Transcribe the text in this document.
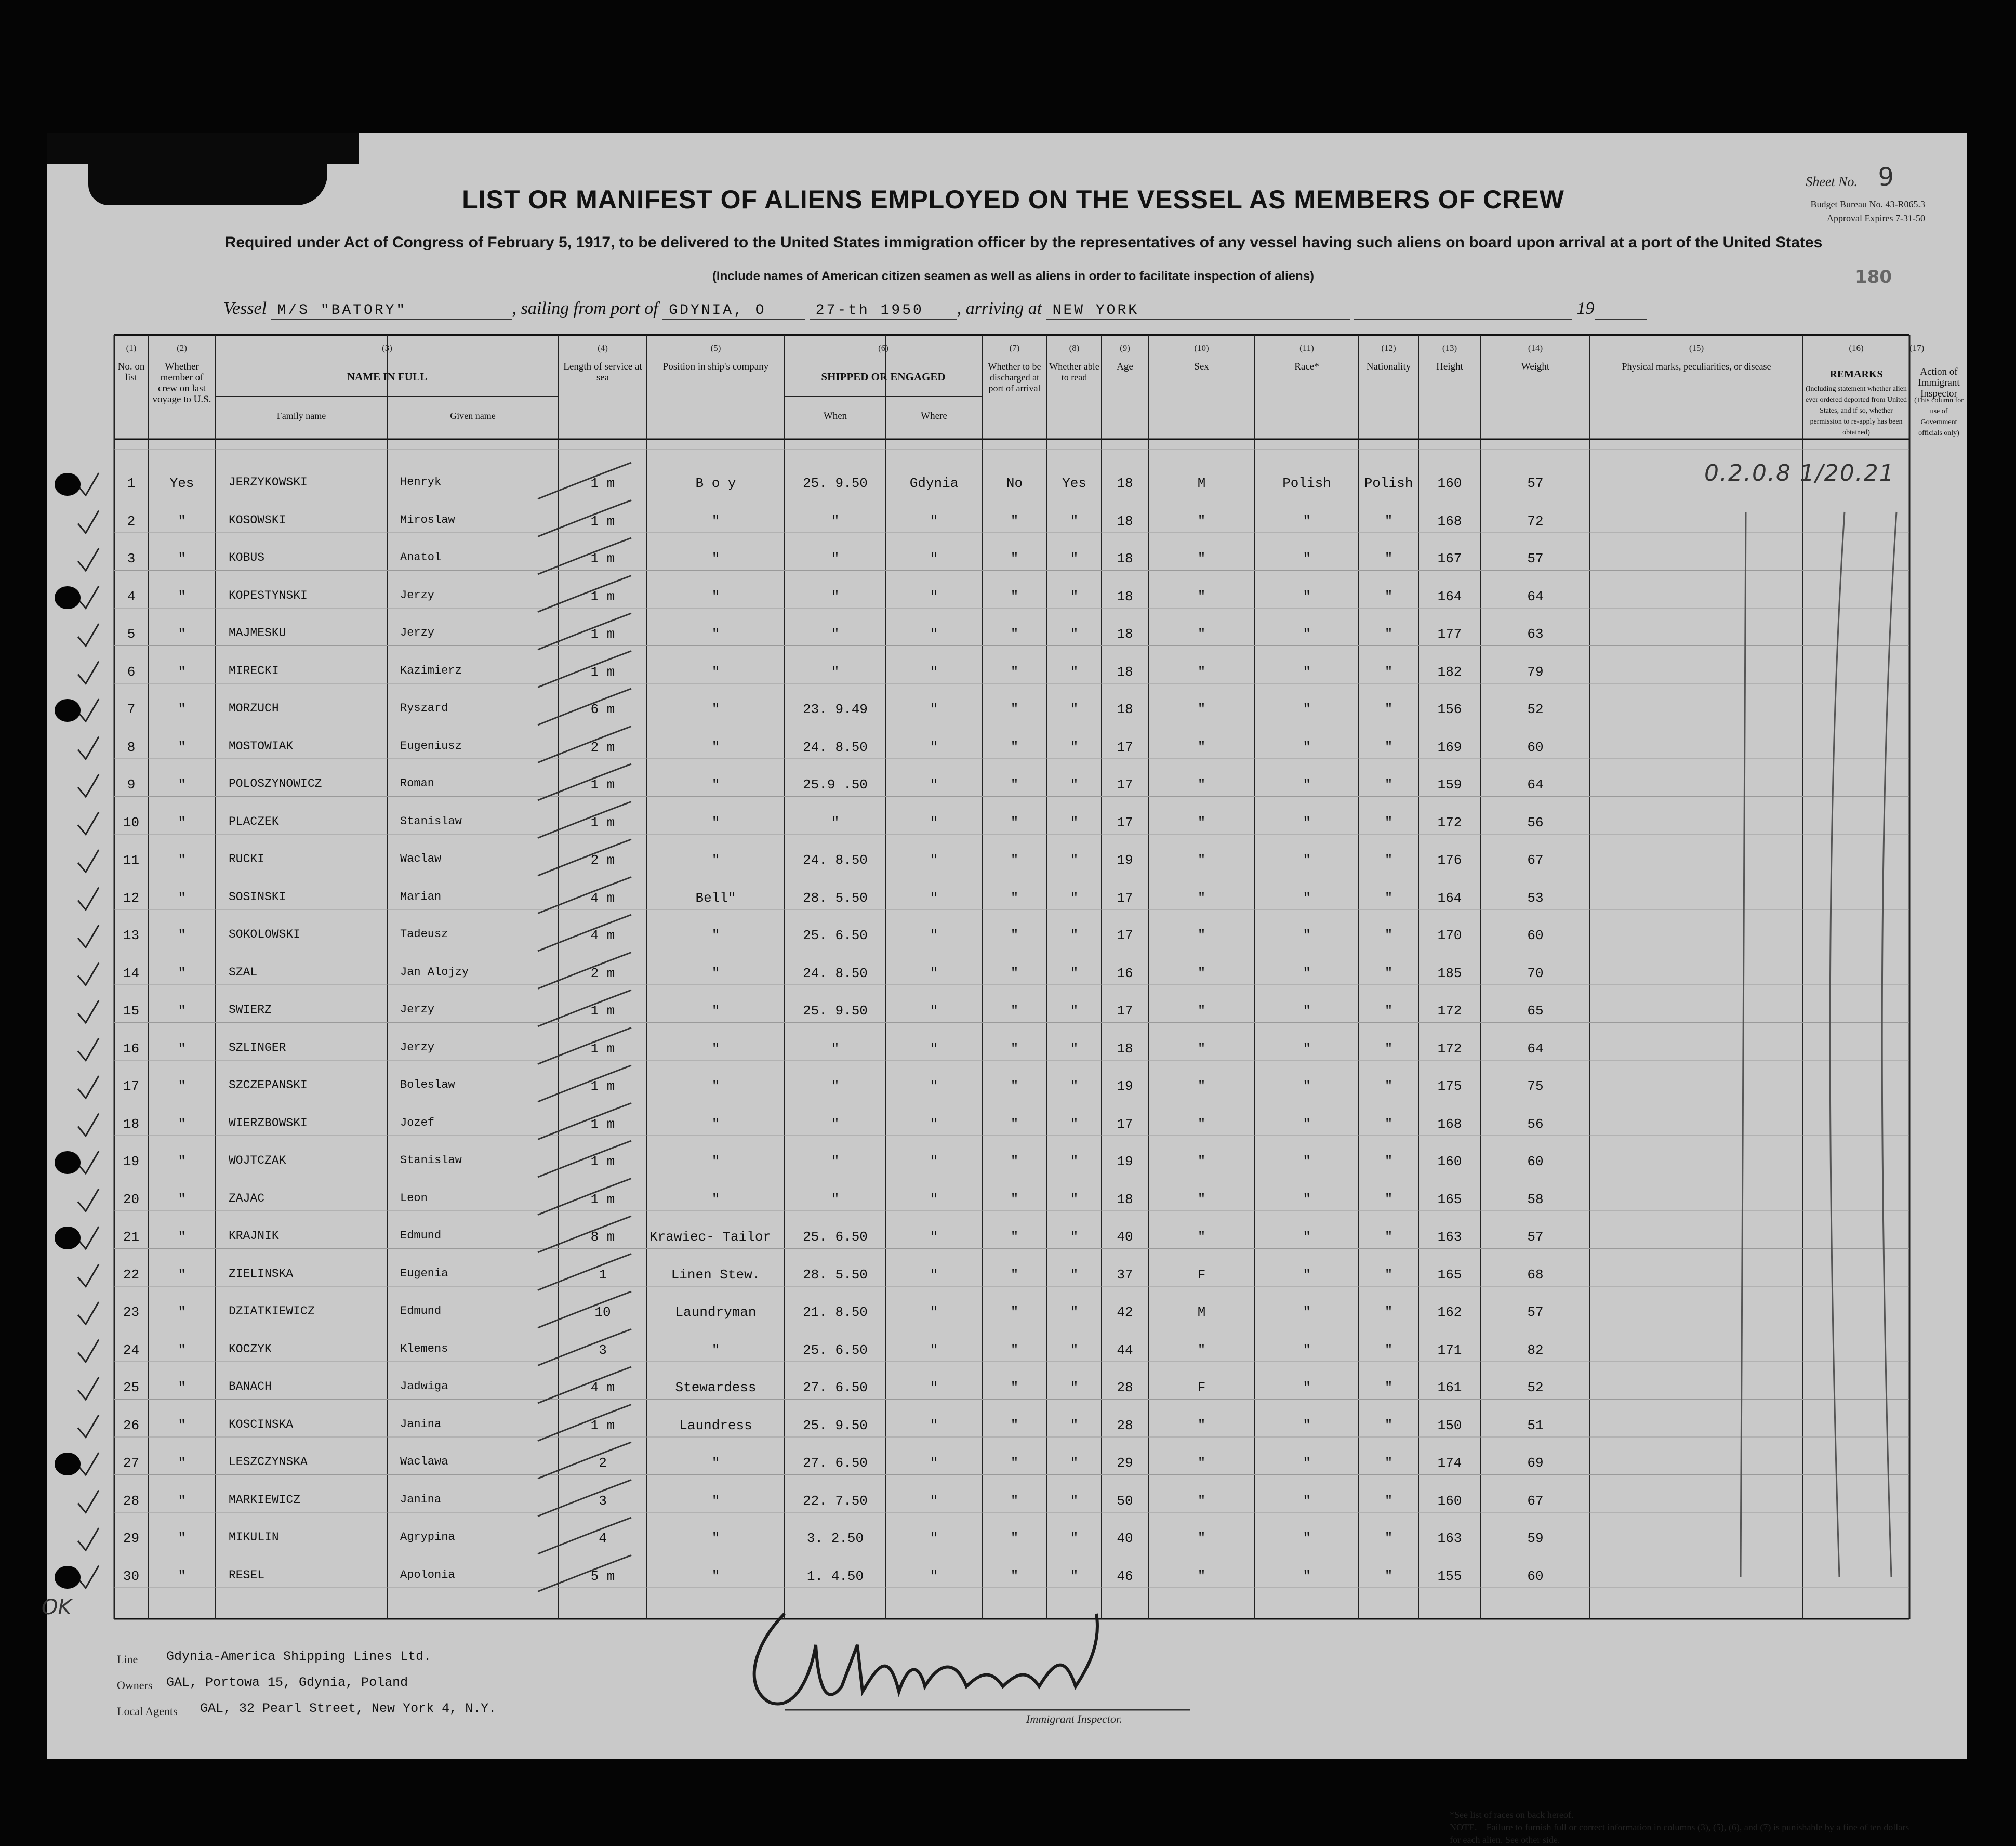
Sheet No. 9
Budget Bureau No. 43-R065.3
Approval Expires 7-31-50
180
LIST OR MANIFEST OF ALIENS EMPLOYED ON THE VESSEL AS MEMBERS OF CREW
Required under Act of Congress of February 5, 1917, to be delivered to the United States immigration officer by the representatives of any vessel having such aliens on board upon arrival at a port of the United States
(Include names of American citizen seamen as well as aliens in order to facilitate inspection of aliens)
Vessel M/S "BATORY"	, sailing from port of GDYNIA, O	27-th 1950 , arriving at NEW YORK	19
No. on list
Whether member of crew on last voyage to U.S.
NAME IN FULL
Family name	Given name
Length of service at sea
Position in ship's company
SHIPPED OR ENGAGED
When	Where
Whether to be discharged at port of arrival
Whether able to read
Age	Sex	Race*	Nationality	Height	Weight	Physical marks, peculiarities, or disease
REMARKS
(Including statement whether alien ever ordered deported from United States, and if so, whether permission to re-apply has been obtained)
Action of Immigrant Inspector
(This column for use of Government officials only)
(1)	(2)	(3)	(4)	(5)	(6)	(7)	(8)	(9)	(10)	(11)	(12)	(13)	(14)	(15)	(16)	(17)
1	Yes	JERZYKOWSKI	Henryk	1 m	B o y	25. 9.50	Gdynia	No	Yes	18	M	Polish	Polish	160	57
2	"	KOSOWSKI	Miroslaw	1 m	"	"	"	"	"	18	"	"	"	168	72
3	"	KOBUS	Anatol	1 m	"	"	"	"	"	18	"	"	"	167	57
4	"	KOPESTYNSKI	Jerzy	1 m	"	"	"	"	"	18	"	"	"	164	64
5	"	MAJMESKU	Jerzy	1 m	"	"	"	"	"	18	"	"	"	177	63
6	"	MIRECKI	Kazimierz	1 m	"	"	"	"	"	18	"	"	"	182	79
7	"	MORZUCH	Ryszard	6 m	"	23. 9.49	"	"	"	18	"	"	"	156	52
8	"	MOSTOWIAK	Eugeniusz	2 m	"	24. 8.50	"	"	"	17	"	"	"	169	60
9	"	POLOSZYNOWICZ	Roman	1 m	"	25.9 .50	"	"	"	17	"	"	"	159	64
10	"	PLACZEK	Stanislaw	1 m	"	"	"	"	"	17	"	"	"	172	56
11	"	RUCKI	Waclaw	2 m	"	24. 8.50	"	"	"	19	"	"	"	176	67
12	"	SOSINSKI	Marian	4 m	Bell"	28. 5.50	"	"	"	17	"	"	"	164	53
13	"	SOKOLOWSKI	Tadeusz	4 m	"	25. 6.50	"	"	"	17	"	"	"	170	60
14	"	SZAL	Jan Alojzy	2 m	"	24. 8.50	"	"	"	16	"	"	"	185	70
15	"	SWIERZ	Jerzy	1 m	"	25. 9.50	"	"	"	17	"	"	"	172	65
16	"	SZLINGER	Jerzy	1 m	"	"	"	"	"	18	"	"	"	172	64
17	"	SZCZEPANSKI	Boleslaw	1 m	"	"	"	"	"	19	"	"	"	175	75
18	"	WIERZBOWSKI	Jozef	1 m	"	"	"	"	"	17	"	"	"	168	56
19	"	WOJTCZAK	Stanislaw	1 m	"	"	"	"	"	19	"	"	"	160	60
20	"	ZAJAC	Leon	1 m	"	"	"	"	"	18	"	"	"	165	58
21	"	KRAJNIK	Edmund	8 m	Krawiec- Tailor	25. 6.50	"	"	"	40	"	"	"	163	57
22	"	ZIELINSKA	Eugenia	1	Linen Stew.	28. 5.50	"	"	"	37	F	"	"	165	68
23	"	DZIATKIEWICZ	Edmund	10	Laundryman	21. 8.50	"	"	"	42	M	"	"	162	57
24	"	KOCZYK	Klemens	3	"	25. 6.50	"	"	"	44	"	"	"	171	82
25	"	BANACH	Jadwiga	4 m	Stewardess	27. 6.50	"	"	"	28	F	"	"	161	52
26	"	KOSCINSKA	Janina	1 m	Laundress	25. 9.50	"	"	"	28	"	"	"	150	51
27	"	LESZCZYNSKA	Waclawa	2	"	27. 6.50	"	"	"	29	"	"	"	174	69
28	"	MARKIEWICZ	Janina	3	"	22. 7.50	"	"	"	50	"	"	"	160	67
29	"	MIKULIN	Agrypina	4	"	3. 2.50	"	"	"	40	"	"	"	163	59
30	"	RESEL	Apolonia	5 m	"	1. 4.50	"	"	"	46	"	"	"	155	60
0.2.0.8 1/20.21
OK
Line Gdynia-America Shipping Lines Ltd.
Owners GAL, Portowa 15, Gdynia, Poland
Local Agents GAL, 32 Pearl Street, New York 4, N.Y.
Immigrant Inspector.
*See list of races on back hereof.
NOTE.—Failure to furnish full or correct information in columns (3), (5), (6), and (7) is punishable by a fine of ten dollars for each alien. See other side.
